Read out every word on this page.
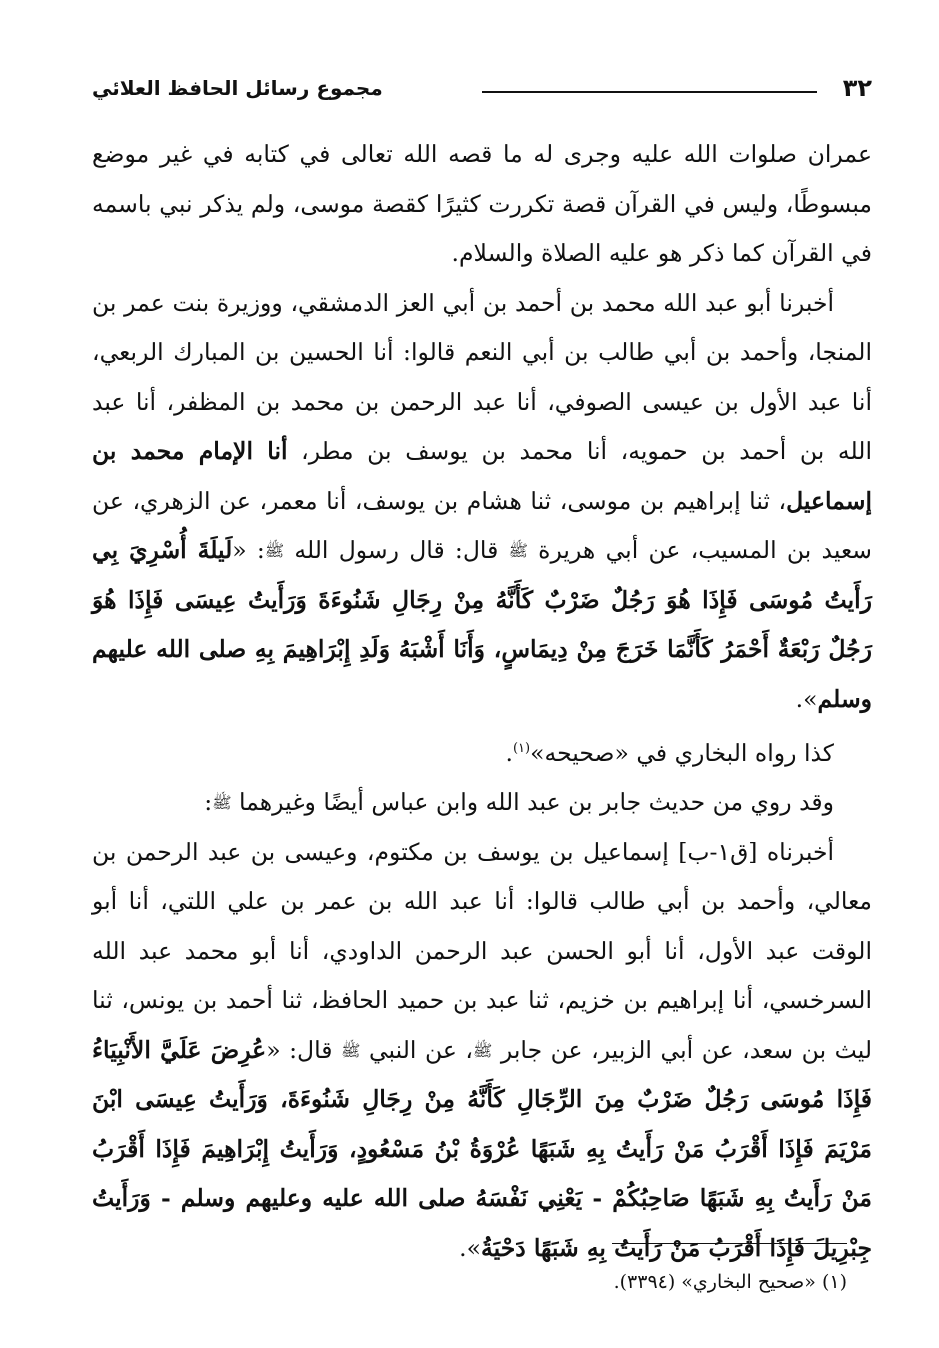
٣٢
مجموع رسائل الحافظ العلائي

عمران صلوات الله عليه وجرى له ما قصه الله تعالى في كتابه في غير موضع مبسوطًا، وليس في القرآن قصة تكررت كثيرًا كقصة موسى، ولم يذكر نبي باسمه في القرآن كما ذكر هو عليه الصلاة والسلام.

أخبرنا أبو عبد الله محمد بن أحمد بن أبي العز الدمشقي، ووزيرة بنت عمر بن المنجا، وأحمد بن أبي طالب بن أبي النعم قالوا: أنا الحسين بن المبارك الربعي، أنا عبد الأول بن عيسى الصوفي، أنا عبد الرحمن بن محمد بن المظفر، أنا عبد الله بن أحمد بن حمويه، أنا محمد بن يوسف بن مطر، أنا الإمام محمد بن إسماعيل، ثنا إبراهيم بن موسى، ثنا هشام بن يوسف، أنا معمر، عن الزهري، عن سعيد بن المسيب، عن أبي هريرة ﷺ قال: قال رسول الله ﷺ: «لَيلَةَ أُسْرِيَ بِي رَأَيتُ مُوسَى فَإِذَا هُوَ رَجُلٌ ضَرْبٌ كَأَنَّهُ مِنْ رِجَالِ شَنُوءَةَ وَرَأَيتُ عِيسَى فَإِذَا هُوَ رَجُلٌ رَبْعَةٌ أَحْمَرُ كَأَنَّمَا خَرَجَ مِنْ دِيمَاسٍ، وَأَنَا أَشْبَهُ وَلَدِ إِبْرَاهِيمَ بِهِ صلى الله عليهم وسلم».

كذا رواه البخاري في «صحيحه»$^{(١)}$.

وقد روي من حديث جابر بن عبد الله وابن عباس أيضًا وغيرهما ﷺ:

أخبرناه [ق١-ب] إسماعيل بن يوسف بن مكتوم، وعيسى بن عبد الرحمن بن معالي، وأحمد بن أبي طالب قالوا: أنا عبد الله بن عمر بن علي اللتي، أنا أبو الوقت عبد الأول، أنا أبو الحسن عبد الرحمن الداودي، أنا أبو محمد عبد الله السرخسي، أنا إبراهيم بن خزيم، ثنا عبد بن حميد الحافظ، ثنا أحمد بن يونس، ثنا ليث بن سعد، عن أبي الزبير، عن جابر ﷺ، عن النبي ﷺ قال: «عُرِضَ عَلَيَّ الأَنْبِيَاءُ فَإِذَا مُوسَى رَجُلٌ ضَرْبٌ مِنَ الرِّجَالِ كَأَنَّهُ مِنْ رِجَالِ شَنُوءَةَ، وَرَأَيتُ عِيسَى ابْنَ مَرْيَمَ فَإِذَا أَقْرَبُ مَنْ رَأَيتُ بِهِ شَبَهًا عُرْوَةُ بْنُ مَسْعُودٍ، وَرَأَيتُ إِبْرَاهِيمَ فَإِذَا أَقْرَبُ مَنْ رَأَيتُ بِهِ شَبَهًا صَاحِبُكُمْ - يَعْنِي نَفْسَهُ صلى الله عليه وعليهم وسلم - وَرَأَيتُ جِبْرِيلَ فَإِذَا أَقْرَبُ مَنْ رَأَيتُ بِهِ شَبَهًا دَحْيَةُ».

(١) «صحيح البخاري» (٣٣٩٤).
